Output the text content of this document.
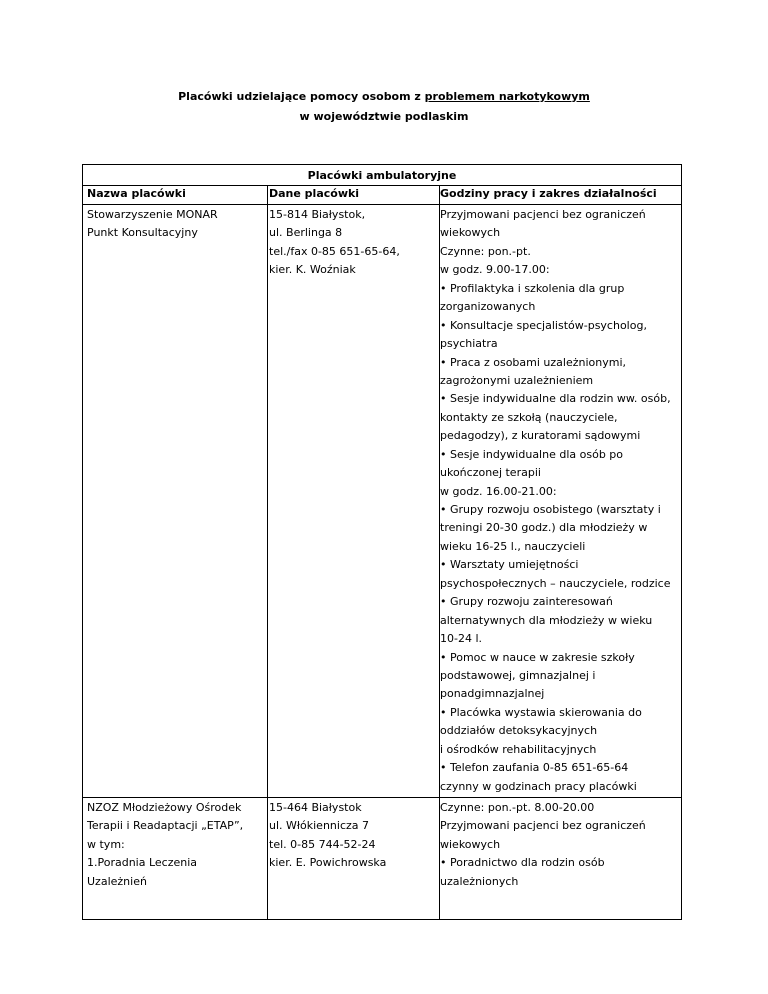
Placówki udzielające pomocy osobom z problemem narkotykowym
w województwie podlaskim
Placówki ambulatoryjne
Nazwa placówki	Dane placówki	Godziny pracy i zakres działalności
Stowarzyszenie MONAR
Punkt Konsultacyjny
15-814 Białystok,
ul. Berlinga 8
tel./fax 0-85 651-65-64,
kier. K. Woźniak
Przyjmowani pacjenci bez ograniczeń
wiekowych
Czynne: pon.-pt.
w godz. 9.00-17.00:
• Profilaktyka i szkolenia dla grup
zorganizowanych
• Konsultacje specjalistów-psycholog,
psychiatra
• Praca z osobami uzależnionymi,
zagrożonymi uzależnieniem
• Sesje indywidualne dla rodzin ww. osób,
kontakty ze szkołą (nauczyciele,
pedagodzy), z kuratorami sądowymi
• Sesje indywidualne dla osób po
ukończonej terapii
w godz. 16.00-21.00:
• Grupy rozwoju osobistego (warsztaty i
treningi 20-30 godz.) dla młodzieży w
wieku 16-25 l., nauczycieli
• Warsztaty umiejętności
psychospołecznych – nauczyciele, rodzice
• Grupy rozwoju zainteresowań
alternatywnych dla młodzieży w wieku
10-24 l.
• Pomoc w nauce w zakresie szkoły
podstawowej, gimnazjalnej i
ponadgimnazjalnej
• Placówka wystawia skierowania do
oddziałów detoksykacyjnych
i ośrodków rehabilitacyjnych
• Telefon zaufania 0-85 651-65-64
czynny w godzinach pracy placówki
NZOZ Młodzieżowy Ośrodek
Terapii i Readaptacji „ETAP”,
w tym:
1.Poradnia Leczenia
Uzależnień
15-464 Białystok
ul. Włókiennicza 7
tel. 0-85 744-52-24
kier. E. Powichrowska
Czynne: pon.-pt. 8.00-20.00
Przyjmowani pacjenci bez ograniczeń
wiekowych
• Poradnictwo dla rodzin osób
uzależnionych
